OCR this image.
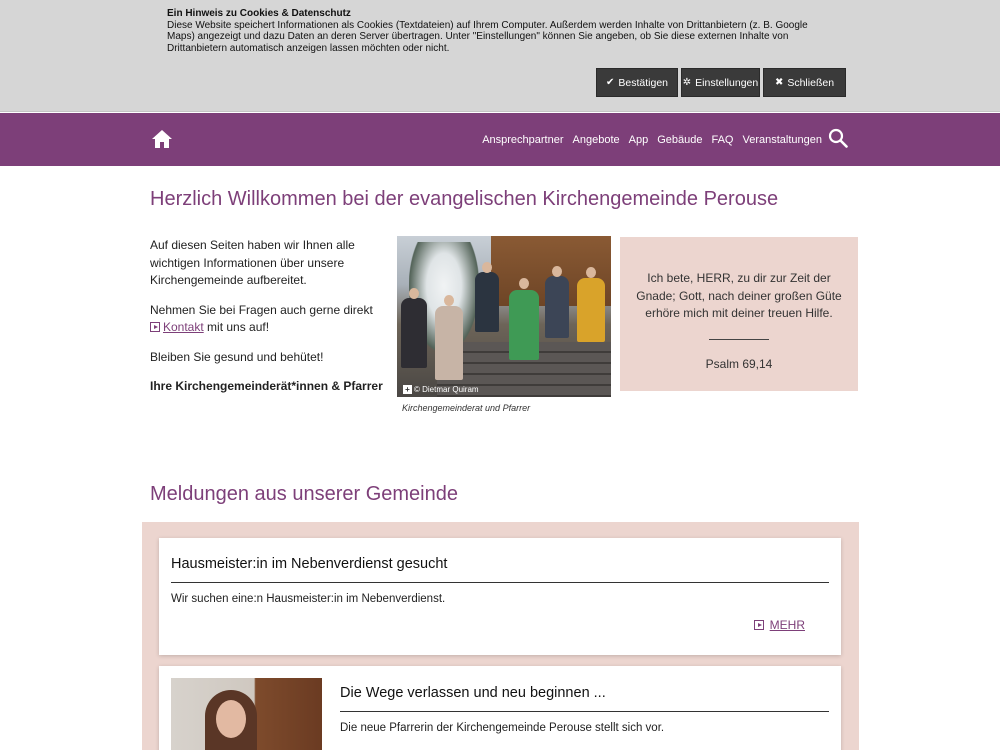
Ein Hinweis zu Cookies & Datenschutz
Diese Website speichert Informationen als Cookies (Textdateien) auf Ihrem Computer. Außerdem werden Inhalte von Drittanbietern (z. B. Google Maps) angezeigt und dazu Daten an deren Server übertragen. Unter "Einstellungen" können Sie angeben, ob Sie diese externen Inhalte von Drittanbietern automatisch anzeigen lassen möchten oder nicht.
✔ Bestätigen ✲ Einstellungen ✖ Schließen
Ansprechpartner Angebote App Gebäude FAQ Veranstaltungen
Herzlich Willkommen bei der evangelischen Kirchengemeinde Perouse

Auf diesen Seiten haben wir Ihnen alle wichtigen Informationen über unsere Kirchengemeinde aufbereitet.

Nehmen Sie bei Fragen auch gerne direkt
Kontakt mit uns auf!

Bleiben Sie gesund und behütet!

Ihre Kirchengemeinderät*innen & Pfarrer	+ © Dietmar Quiram
Kirchengemeinderat und Pfarrer
Ich bete, HERR, zu dir zur Zeit der Gnade; Gott, nach deiner großen Güte erhöre mich mit deiner treuen Hilfe.
Psalm 69,14
Meldungen aus unserer Gemeinde
Hausmeister:in im Nebenverdienst gesucht
Wir suchen eine:n Hausmeister:in im Nebenverdienst.
MEHR
Die Wege verlassen und neu beginnen ...
Die neue Pfarrerin der Kirchengemeinde Perouse stellt sich vor.
